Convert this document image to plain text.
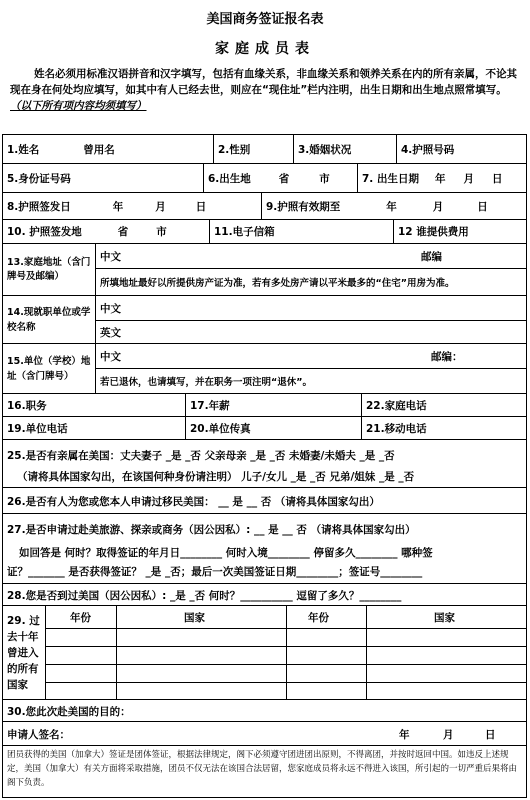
美国商务签证报名表
家庭成员表
姓名必须用标准汉语拼音和汉字填写，包括有血缘关系，非血缘关系和领养关系在内的所有亲属，不论其现在身在何处均应填写，如其中有人已经去世，则应在“现住址”栏内注明，出生日期和出生地点照常填写。（以下所有项内容均须填写）
1.姓名	曾用名	2.性别	3.婚姻状况	4.护照号码
5.身份证号码	6.出生地	省	市	7. 出生日期 年 月 日
8.护照签发日	年	月	日	9.护照有效期至	年	月	日
10. 护照签发地	省	市	11.电子信箱	12 谁提供费用
13.家庭地址（含门牌号及邮编）
中文	邮编
所填地址最好以所提供房产证为准，若有多处房产请以平米最多的“住宅”用房为准。
14.现就职单位或学校名称
中文
英文
15.单位（学校）地址（含门牌号）
中文	邮编：
若已退休，也请填写，并在职务一项注明“退休”。
16.职务	17.年薪	22.家庭电话
19.单位电话	20.单位传真	21.移动电话
25.是否有亲属在美国：丈夫妻子 _是 _否 父亲母亲 _是 _否 未婚妻/未婚夫 _是 _否
（请将具体国家勾出，在该国何种身份请注明） 儿子/女儿 _是 _否 兄弟/姐妹 _是 _否
26.是否有人为您或您本人申请过移民美国： __ 是 __ 否 （请将具体国家勾出）
27.是否申请过赴美旅游、探亲或商务（因公因私）: __ 是 __ 否 （请将具体国家勾出）
如回答是 何时？取得签证的年月日________ 何时入境________ 停留多久________ 哪种签
证？_______ 是否获得签证？ _是 _否；最后一次美国签证日期________；签证号________
28.您是否到过美国（因公因私）: _是 _否 何时？__________ 逗留了多久？________
29. 过去十年曾进入的所有国家
年份	国家	年份	国家
30.您此次赴美国的目的：
申请人签名：	年	月	日
团员获得的美国（加拿大）签证是团体签证，根据法律规定，阁下必须遵守团进团出原则，不得离团，并按时返回中国。如违反上述规定，美国（加拿大）有关方面将采取措施，团员不仅无法在该国合法居留，您家庭成员将永远不得进入该国，所引起的一切严重后果将由阁下负责。
